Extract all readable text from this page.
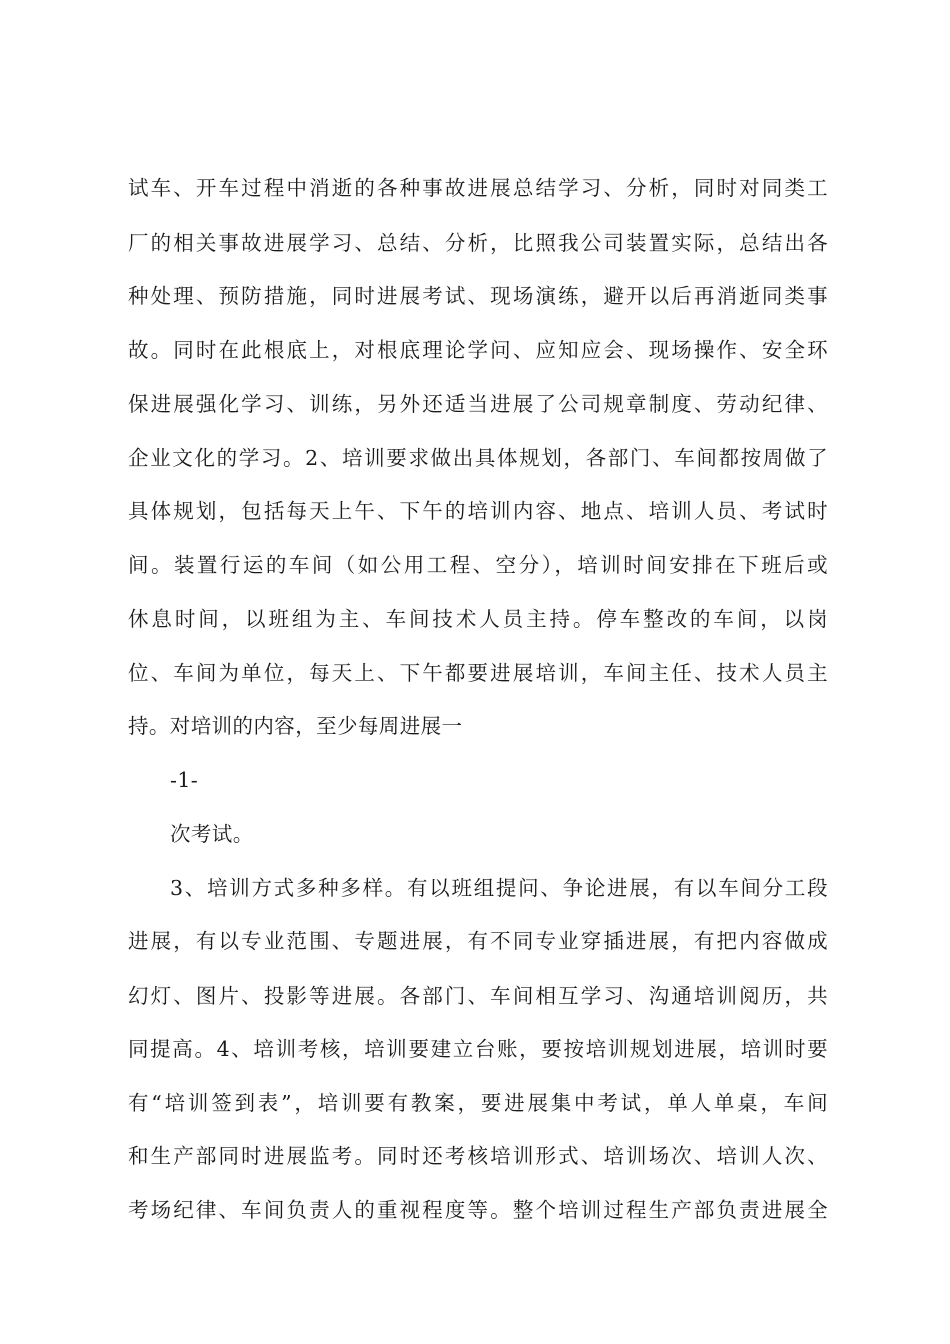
试车、开车过程中消逝的各种事故进展总结学习、分析，同时对同类工
厂的相关事故进展学习、总结、分析，比照我公司装置实际，总结出各
种处理、预防措施，同时进展考试、现场演练，避开以后再消逝同类事
故。同时在此根底上，对根底理论学问、应知应会、现场操作、安全环
保进展强化学习、训练，另外还适当进展了公司规章制度、劳动纪律、
企业文化的学习。2、培训要求做出具体规划，各部门、车间都按周做了
具体规划，包括每天上午、下午的培训内容、地点、培训人员、考试时
间。装置行运的车间（如公用工程、空分），培训时间安排在下班后或
休息时间，以班组为主、车间技术人员主持。停车整改的车间，以岗
位、车间为单位，每天上、下午都要进展培训，车间主任、技术人员主
持。对培训的内容，至少每周进展一
-1-
次考试。
3、培训方式多种多样。有以班组提问、争论进展，有以车间分工段
进展，有以专业范围、专题进展，有不同专业穿插进展，有把内容做成
幻灯、图片、投影等进展。各部门、车间相互学习、沟通培训阅历，共
同提高。4、培训考核，培训要建立台账，要按培训规划进展，培训时要
有“培训签到表”，培训要有教案，要进展集中考试，单人单桌，车间
和生产部同时进展监考。同时还考核培训形式、培训场次、培训人次、
考场纪律、车间负责人的重视程度等。整个培训过程生产部负责进展全
